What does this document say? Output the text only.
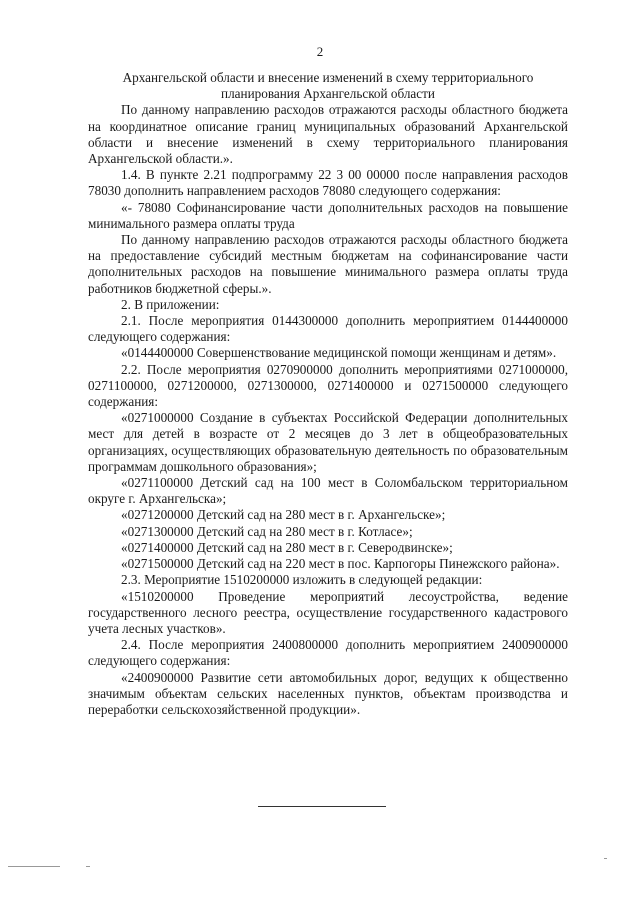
2

Архангельской области и внесение изменений в схему территориального планирования Архангельской области

По данному направлению расходов отражаются расходы областного бюджета на координатное описание границ муниципальных образований Архангельской области и внесение изменений в схему территориального планирования Архангельской области.».

1.4. В пункте 2.21 подпрограмму 22 3 00 00000 после направления расходов 78030 дополнить направлением расходов 78080 следующего содержания:

«- 78080 Софинансирование части дополнительных расходов на повышение минимального размера оплаты труда

По данному направлению расходов отражаются расходы областного бюджета на предоставление субсидий местным бюджетам на софинансирование части дополнительных расходов на повышение минимального размера оплаты труда работников бюджетной сферы.».

2. В приложении:

2.1. После мероприятия 0144300000 дополнить мероприятием 0144400000 следующего содержания:

«0144400000 Совершенствование медицинской помощи женщинам и детям».

2.2. После мероприятия 0270900000 дополнить мероприятиями 0271000000, 0271100000, 0271200000, 0271300000, 0271400000 и 0271500000 следующего содержания:

«0271000000 Создание в субъектах Российской Федерации дополнительных мест для детей в возрасте от 2 месяцев до 3 лет в общеобразовательных организациях, осуществляющих образовательную деятельность по образовательным программам дошкольного образования»;

«0271100000 Детский сад на 100 мест в Соломбальском территориальном округе г. Архангельска»;

«0271200000 Детский сад на 280 мест в г. Архангельске»;

«0271300000 Детский сад на 280 мест в г. Котласе»;

«0271400000 Детский сад на 280 мест в г. Северодвинске»;

«0271500000 Детский сад на 220 мест в пос. Карпогоры Пинежского района».

2.3. Мероприятие 1510200000 изложить в следующей редакции:

«1510200000 Проведение мероприятий лесоустройства, ведение государственного лесного реестра, осуществление государственного кадастрового учета лесных участков».

2.4. После мероприятия 2400800000 дополнить мероприятием 2400900000 следующего содержания:

«2400900000 Развитие сети автомобильных дорог, ведущих к общественно значимым объектам сельских населенных пунктов, объектам производства и переработки сельскохозяйственной продукции».
